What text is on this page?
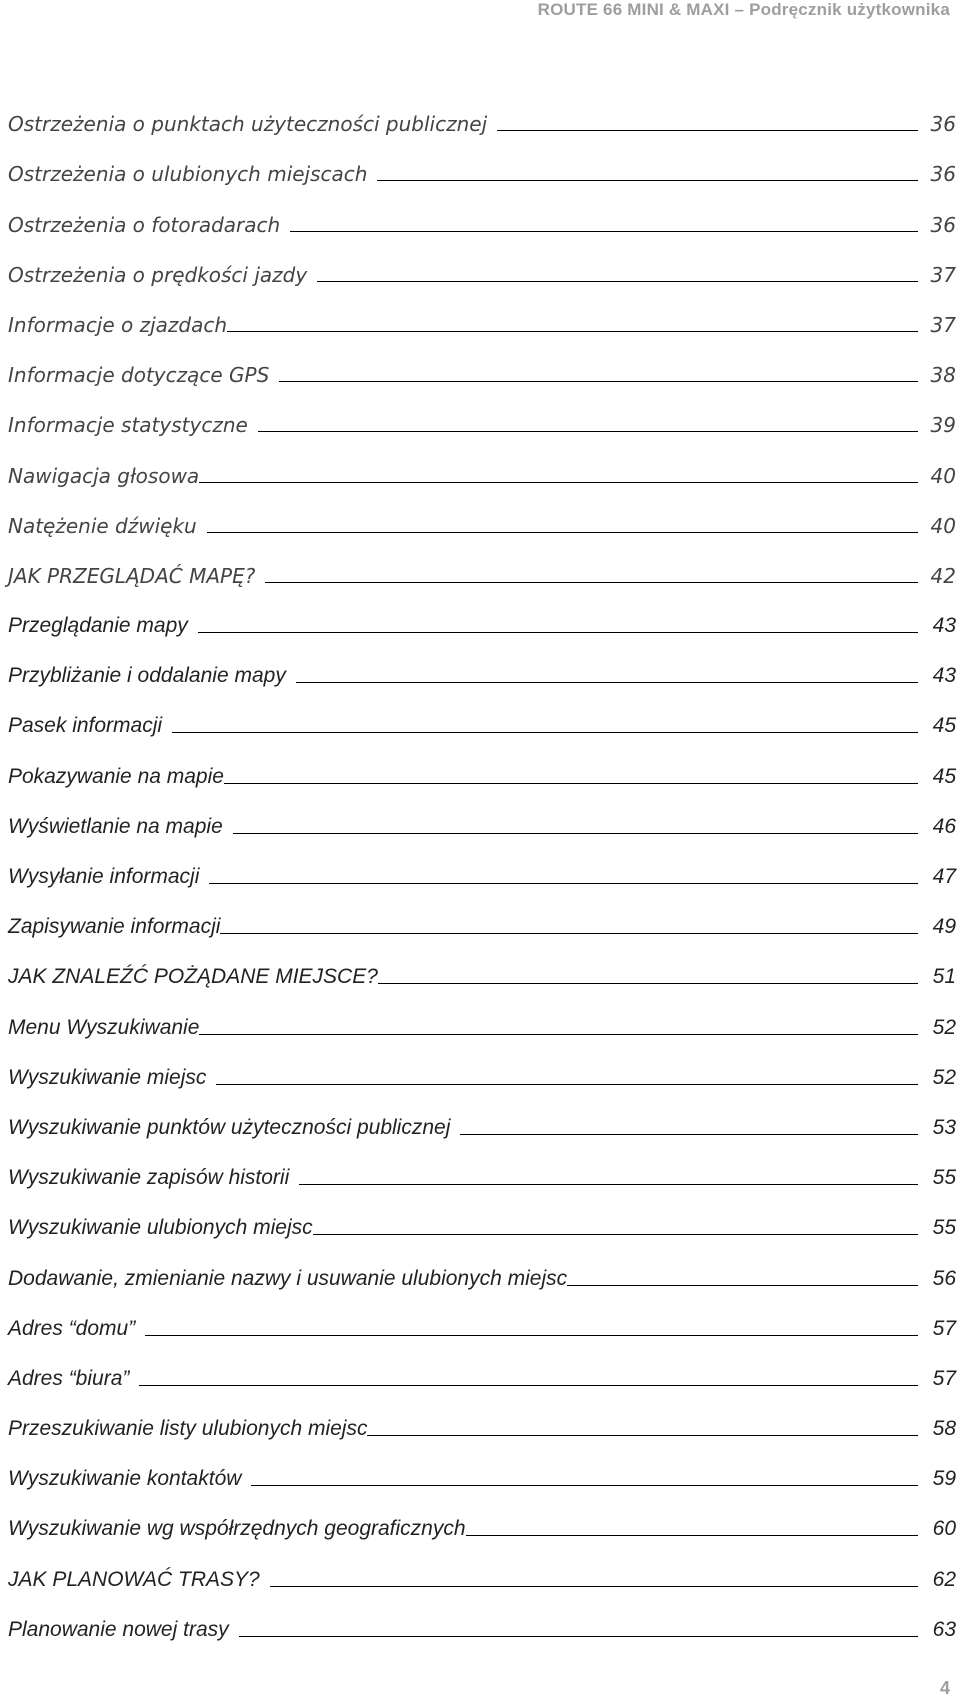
ROUTE 66 MINI & MAXI – Podręcznik użytkownika
Ostrzeżenia o punktach użyteczności publicznej	36
Ostrzeżenia o ulubionych miejscach	36
Ostrzeżenia o fotoradarach	36
Ostrzeżenia o prędkości jazdy	37
Informacje o zjazdach	37
Informacje dotyczące GPS	38
Informacje statystyczne	39
Nawigacja głosowa	40
Natężenie dźwięku	40
JAK PRZEGLĄDAĆ MAPĘ?	42
Przeglądanie mapy	43
Przybliżanie i oddalanie mapy	43
Pasek informacji	45
Pokazywanie na mapie	45
Wyświetlanie na mapie	46
Wysyłanie informacji	47
Zapisywanie informacji	49
JAK ZNALEŹĆ POŻĄDANE MIEJSCE?	51
Menu Wyszukiwanie	52
Wyszukiwanie miejsc	52
Wyszukiwanie punktów użyteczności publicznej	53
Wyszukiwanie zapisów historii	55
Wyszukiwanie ulubionych miejsc	55
Dodawanie, zmienianie nazwy i usuwanie ulubionych miejsc	56
Adres “domu”	57
Adres “biura”	57
Przeszukiwanie listy ulubionych miejsc	58
Wyszukiwanie kontaktów	59
Wyszukiwanie wg współrzędnych geograficznych	60
JAK PLANOWAĆ TRASY?	62
Planowanie nowej trasy	63
4
